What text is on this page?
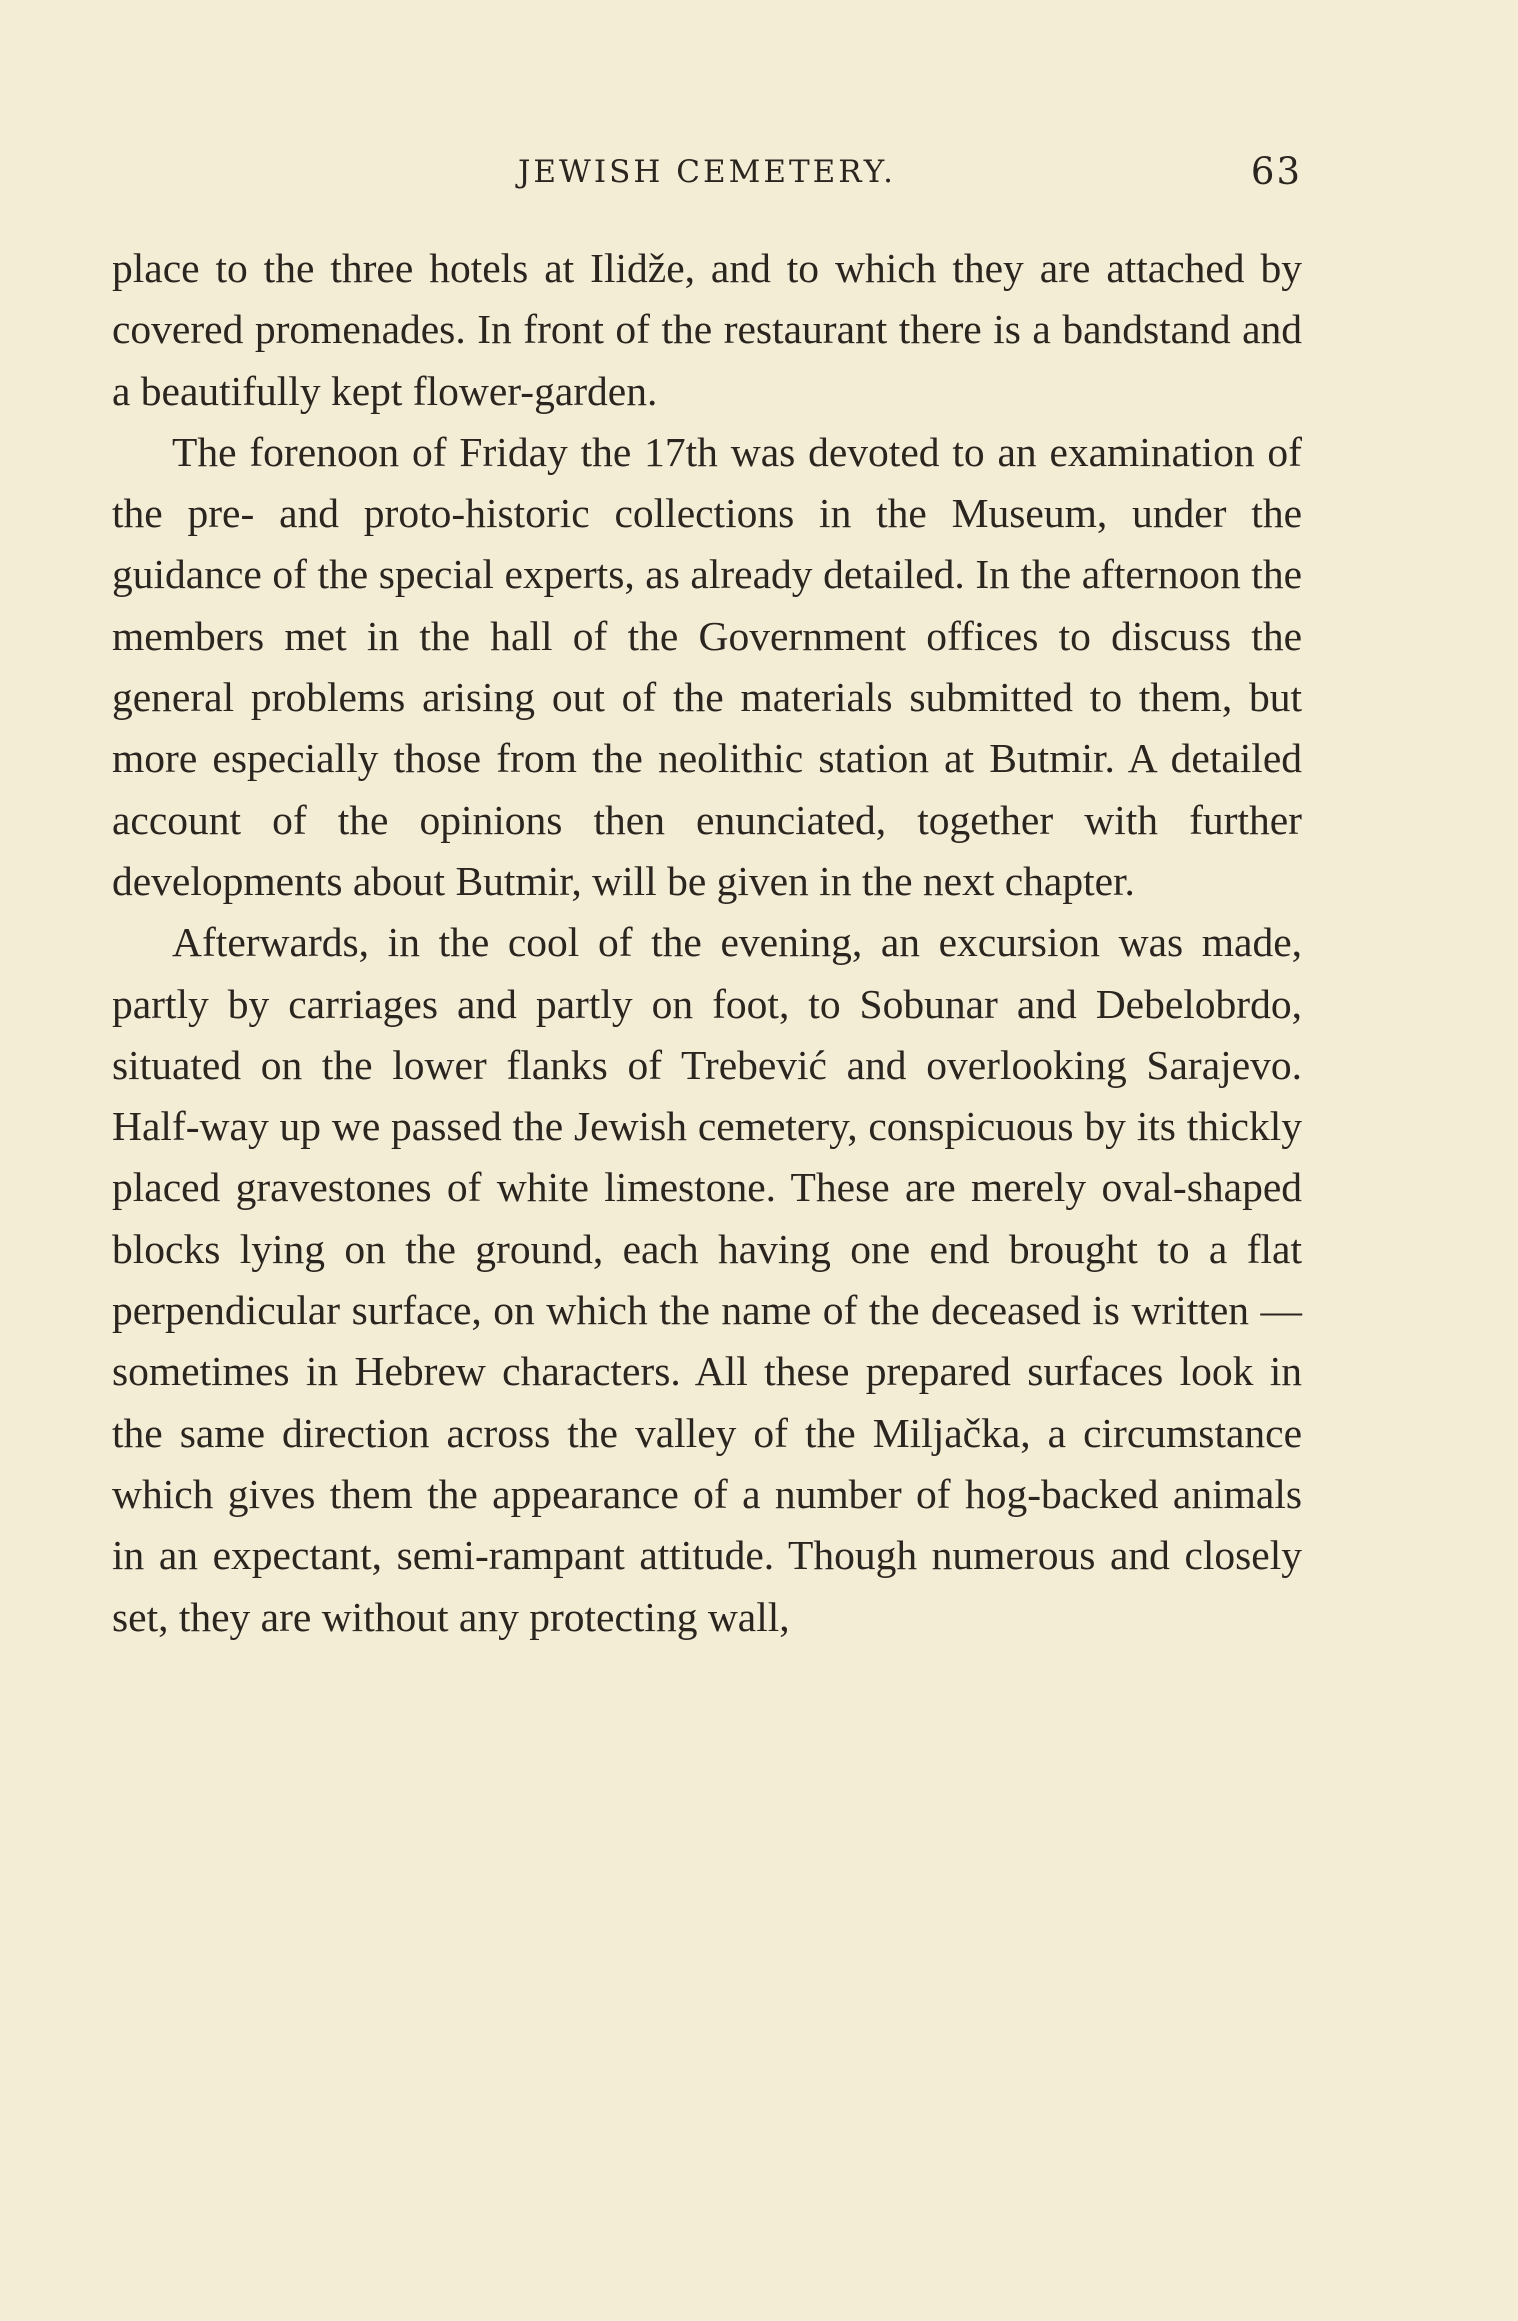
JEWISH CEMETERY.	63

place to the three hotels at Ilidže, and to which they are attached by covered promenades. In front of the restaurant there is a bandstand and a beautifully kept flower-garden.

The forenoon of Friday the 17th was devoted to an examination of the pre- and proto-historic collections in the Museum, under the guidance of the special experts, as already detailed. In the afternoon the members met in the hall of the Government offices to discuss the general problems arising out of the materials submitted to them, but more especially those from the neolithic station at Butmir. A detailed account of the opinions then enunciated, together with further developments about Butmir, will be given in the next chapter.

Afterwards, in the cool of the evening, an excursion was made, partly by carriages and partly on foot, to Sobunar and Debelobrdo, situated on the lower flanks of Trebević and overlooking Sarajevo. Half-way up we passed the Jewish cemetery, conspicuous by its thickly placed gravestones of white limestone. These are merely oval-shaped blocks lying on the ground, each having one end brought to a flat perpendicular surface, on which the name of the deceased is written —sometimes in Hebrew characters. All these prepared surfaces look in the same direction across the valley of the Miljačka, a circumstance which gives them the appearance of a number of hog-backed animals in an expectant, semi-rampant attitude. Though numerous and closely set, they are without any protecting wall,
